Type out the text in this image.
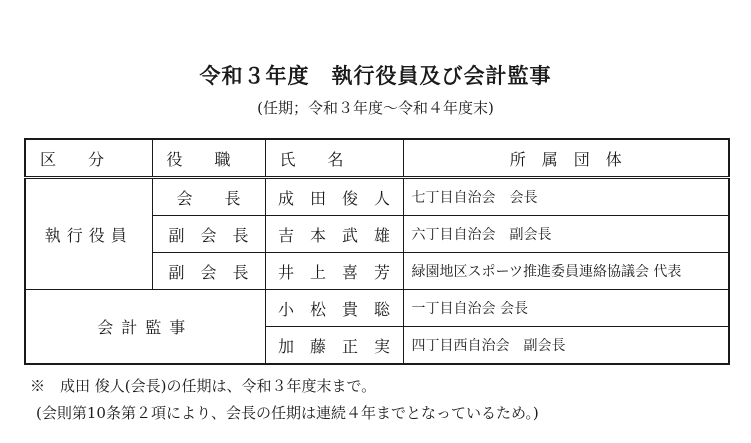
令和３年度　執行役員及び会計監事
(任期；令和３年度～令和４年度末)
区　　分	役　　職	氏　　名	所　属　団　体
執行役員	会　　長	成　田　俊　人	七丁目自治会　会長
	副　会　長	吉　本　武　雄	六丁目自治会　副会長
	副　会　長	井　上　喜　芳	緑園地区スポーツ推進委員連絡協議会 代表
会計監事		小　松　貴　聡	一丁目自治会 会長
		加　藤　正　実	四丁目西自治会　副会長
※　成田 俊人(会長)の任期は、令和３年度末まで。
(会則第10条第２項により、会長の任期は連続４年までとなっているため。)
